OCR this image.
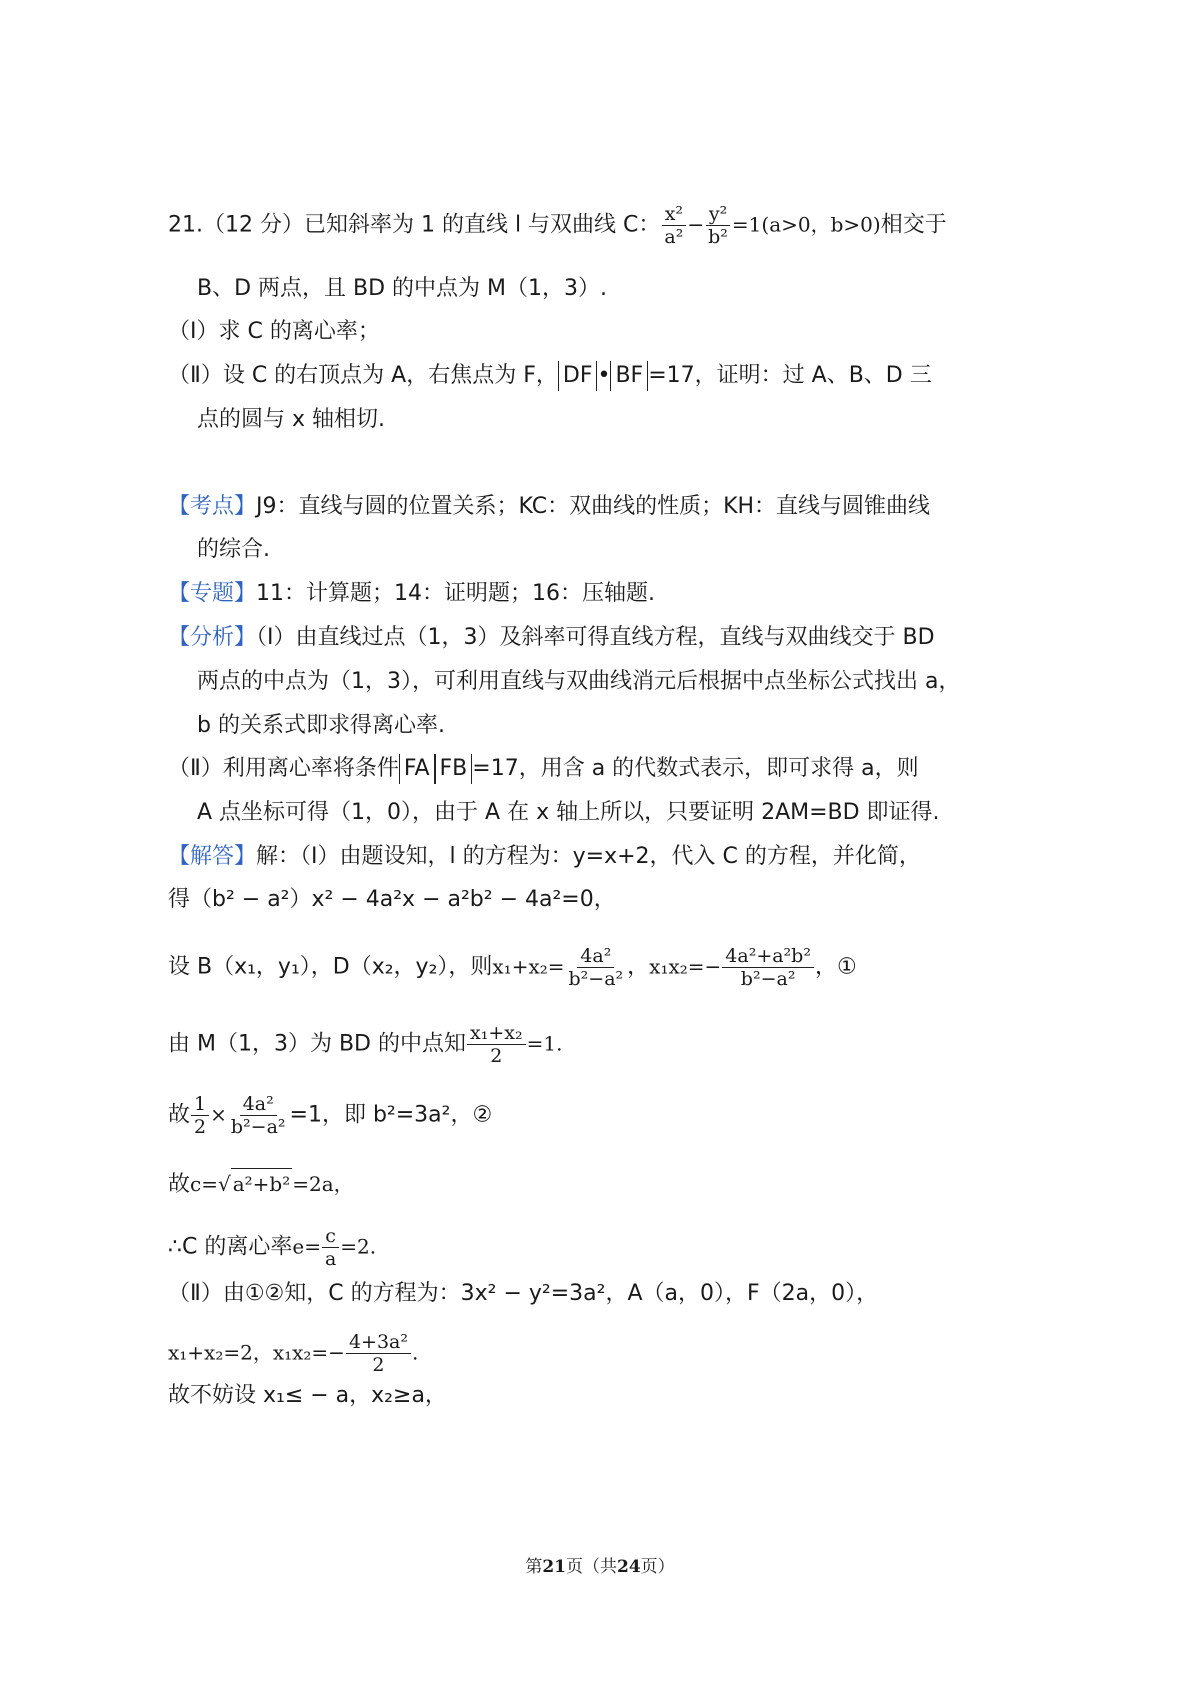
21.（12 分）已知斜率为 1 的直线 l 与双曲线 C： $\frac{\text{x²}}{\text{a²}} - \frac{\text{y²}}{\text{b²}} =1(a>0$，b>0)相交于
B、D 两点，且 BD 的中点为 M（1，3）.
（Ⅰ）求 C 的离心率；
（Ⅱ）设 C 的右顶点为 A，右焦点为 F， DF • BF =17，证明：过 A、B、D 三
点的圆与 x 轴相切.
【考点】J9：直线与圆的位置关系；KC：双曲线的性质；KH：直线与圆锥曲线
的综合.
【专题】11：计算题；14：证明题；16：压轴题.
【分析】（Ⅰ）由直线过点（1，3）及斜率可得直线方程，直线与双曲线交于 BD
两点的中点为（1，3），可利用直线与双曲线消元后根据中点坐标公式找出 a，
b 的关系式即求得离心率.
（Ⅱ）利用离心率将条件 FA FB =17，用含 a 的代数式表示，即可求得 a，则
A 点坐标可得（1，0），由于 A 在 x 轴上所以，只要证明 2AM=BD 即证得.
【解答】解：（Ⅰ）由题设知，l 的方程为：y=x+2，代入 C 的方程，并化简，
得（b² − a²）x² − 4a²x − a²b² − 4a²=0，
设 B（x₁，y₁），D（x₂，y₂），则$x_1+x_2= \frac{\text{4a²}}{\text{b²−a²}}$ ，$x_1x_2=- \frac{\text{4a²+a²b²}}{\text{b²−a²}}$ ，①
由 M（1，3）为 BD 的中点知 $\frac{\text{x₁+x₂}}{2} =1$.
故 $\frac{1}{2} \times \frac{\text{4a²}}{\text{b²−a²}} =1$，即 b²=3a²，②
故c=√ a²+b² =2a，
∴C 的离心率$e= \frac{c}{a} =2$.
（Ⅱ）由①②知，C 的方程为：3x² − y²=3a²，A（a，0），F（2a，0），
x₁+x₂=2，$x_1x_2=- \frac{\text{4+3a²}}{2}$ .
故不妨设 x₁≤ − a，x₂≥a，
第21页（共24页）
